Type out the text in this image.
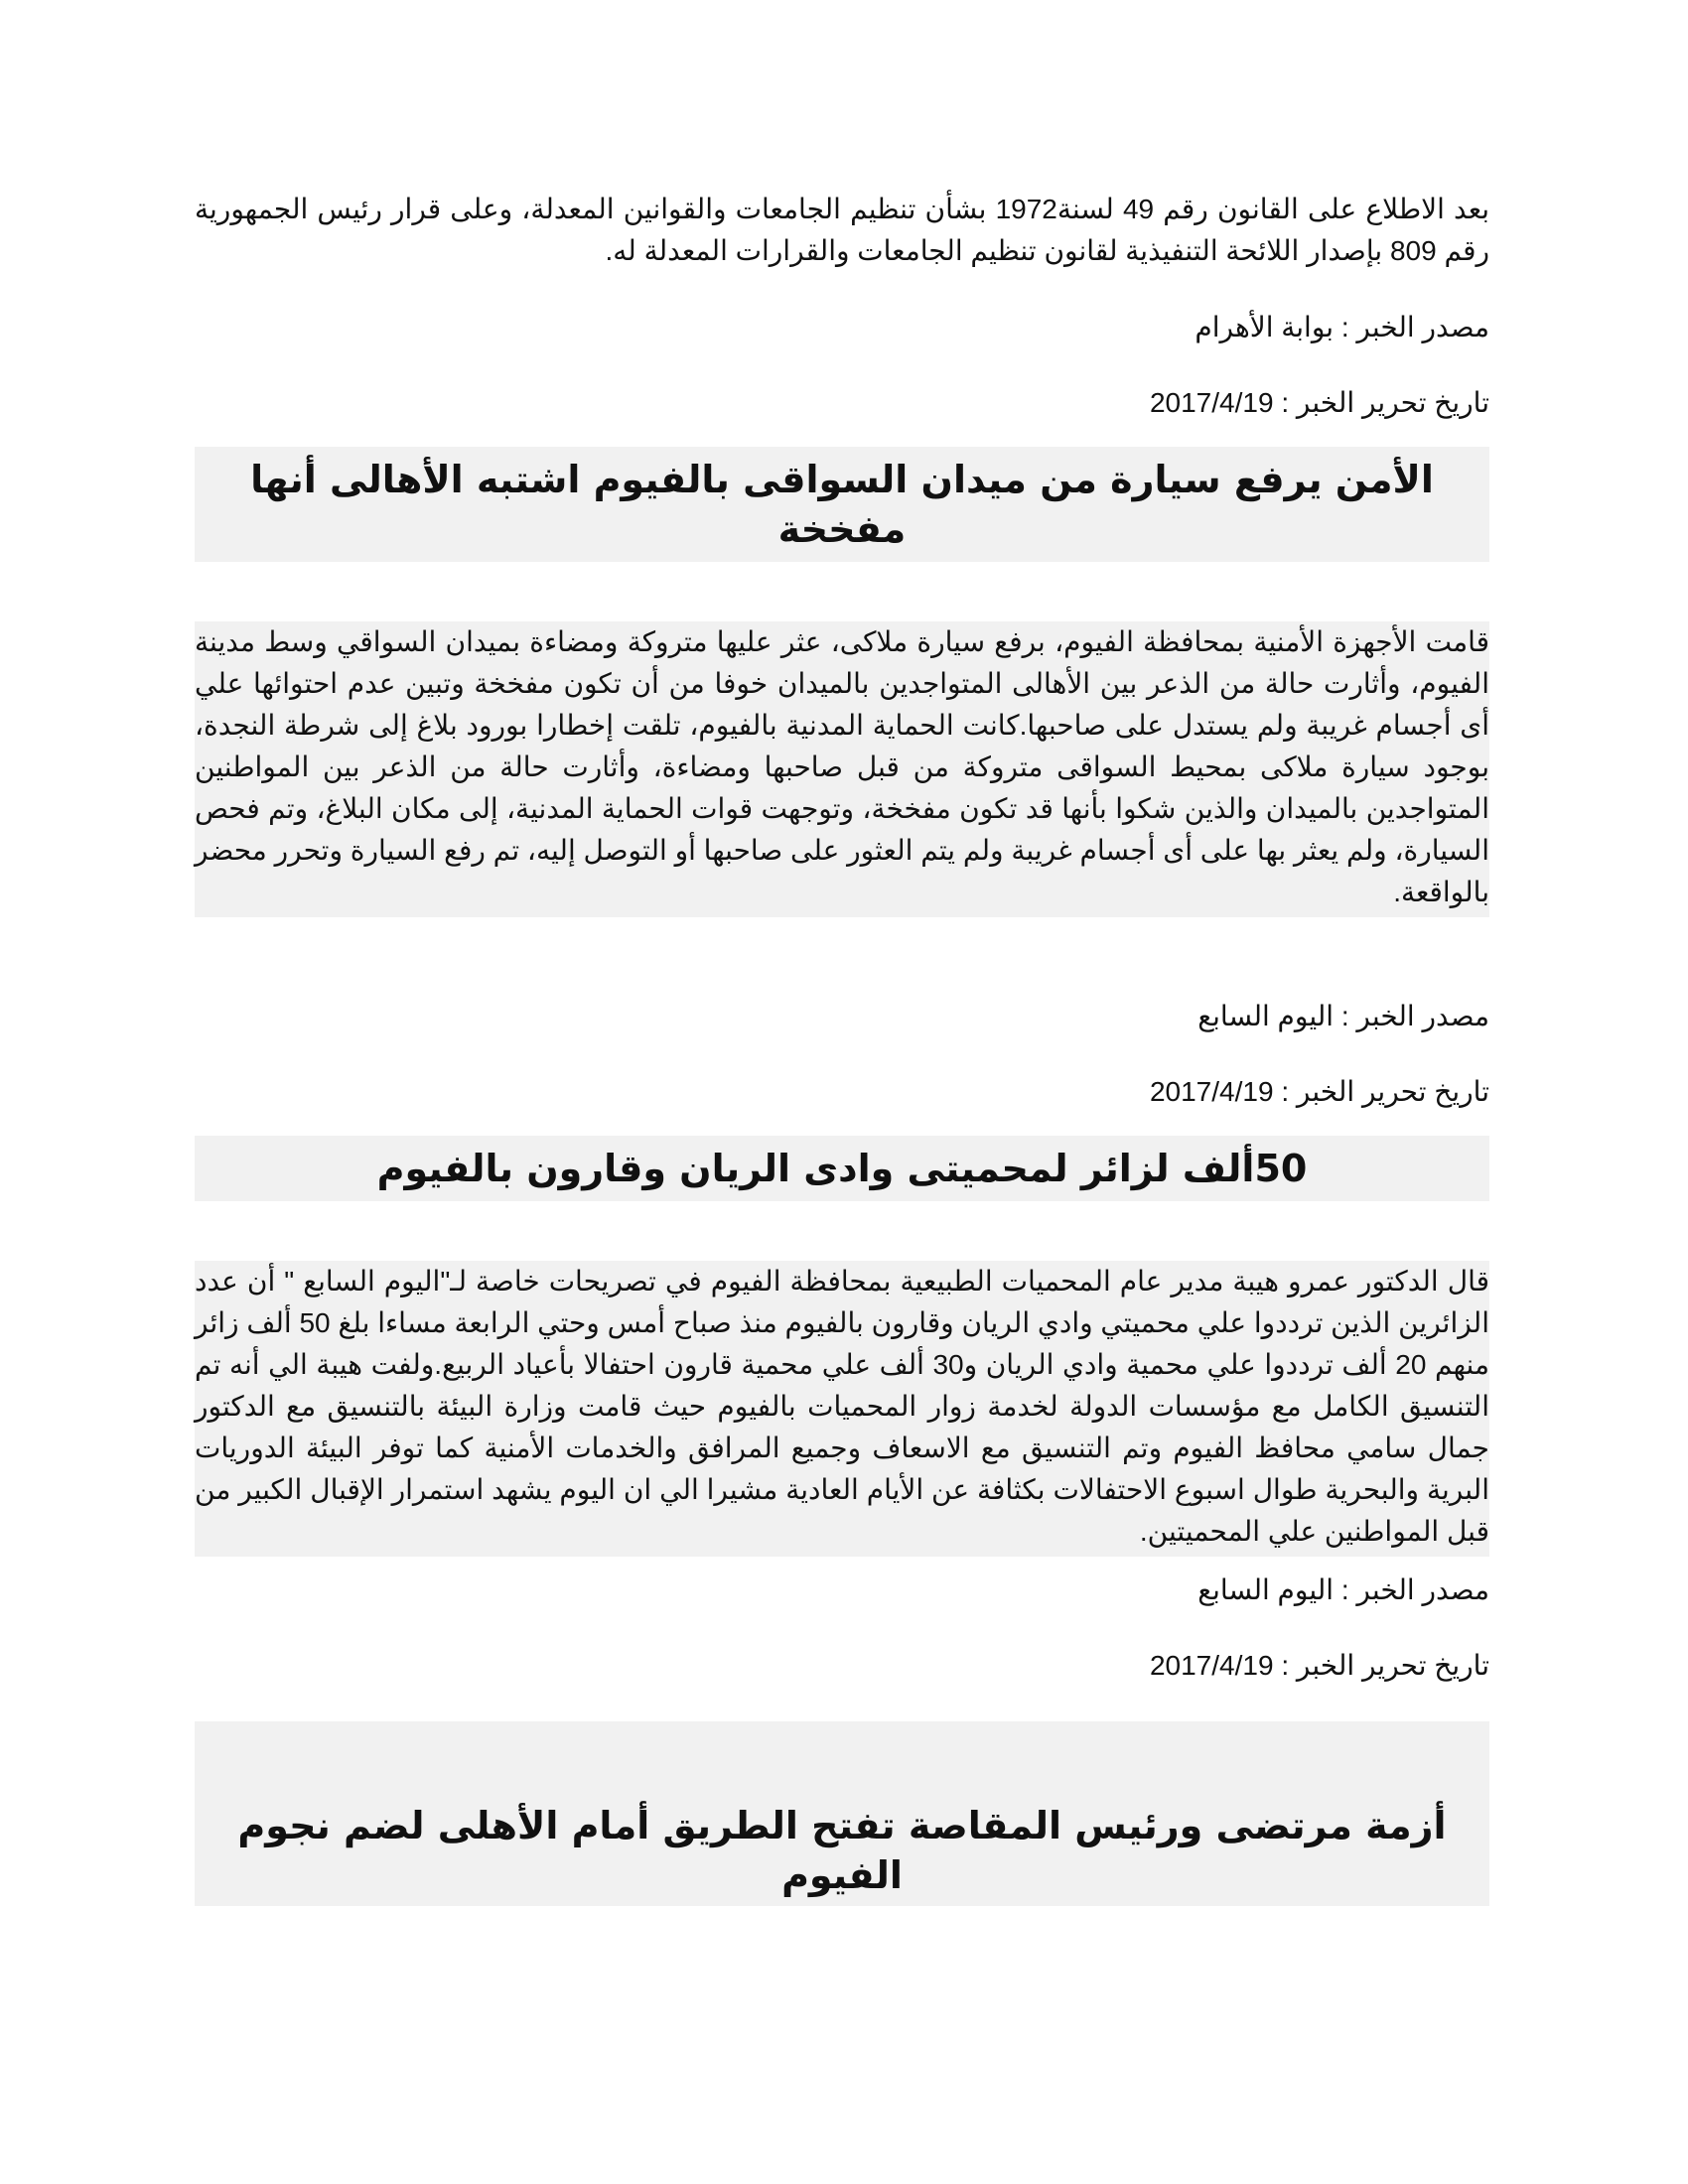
بعد الاطلاع على القانون رقم 49 لسنة1972 بشأن تنظيم الجامعات والقوانين المعدلة، وعلى قرار رئيس الجمهورية رقم 809 بإصدار اللائحة التنفيذية لقانون تنظيم الجامعات والقرارات المعدلة له.

مصدر الخبر : بوابة الأهرام

تاريخ تحرير الخبر : 2017/4/19

الأمن يرفع سيارة من ميدان السواقى بالفيوم اشتبه الأهالى أنها مفخخة

قامت الأجهزة الأمنية بمحافظة الفيوم، برفع سيارة ملاكى، عثر عليها متروكة ومضاءة بميدان السواقي وسط مدينة الفيوم، وأثارت حالة من الذعر بين الأهالى المتواجدين بالميدان خوفا من أن تكون مفخخة وتبين عدم احتوائها علي أى أجسام غريبة ولم يستدل على صاحبها.كانت الحماية المدنية بالفيوم، تلقت إخطارا بورود بلاغ إلى شرطة النجدة، بوجود سيارة ملاكى بمحيط السواقى متروكة من قبل صاحبها ومضاءة، وأثارت حالة من الذعر بين المواطنين المتواجدين بالميدان والذين شكوا بأنها قد تكون مفخخة، وتوجهت قوات الحماية المدنية، إلى مكان البلاغ، وتم فحص السيارة، ولم يعثر بها على أى أجسام غريبة ولم يتم العثور على صاحبها أو التوصل إليه، تم رفع السيارة وتحرر محضر بالواقعة.

مصدر الخبر : اليوم السابع

تاريخ تحرير الخبر : 2017/4/19

50ألف لزائر لمحميتى وادى الريان وقارون بالفيوم

قال الدكتور عمرو هيبة مدير عام المحميات الطبيعية بمحافظة الفيوم في تصريحات خاصة لـ"اليوم السابع " أن عدد الزائرين الذين ترددوا علي محميتي وادي الريان وقارون بالفيوم منذ صباح أمس وحتي الرابعة مساءا بلغ 50 ألف زائر منهم 20 ألف ترددوا علي محمية وادي الريان و30 ألف علي محمية قارون احتفالا بأعياد الربيع.ولفت هيبة الي أنه تم التنسيق الكامل مع مؤسسات الدولة لخدمة زوار المحميات بالفيوم حيث قامت وزارة البيئة بالتنسيق مع الدكتور جمال سامي محافظ الفيوم وتم التنسيق مع الاسعاف وجميع المرافق والخدمات الأمنية كما توفر البيئة الدوريات البرية والبحرية طوال اسبوع الاحتفالات بكثافة عن الأيام العادية مشيرا الي ان اليوم يشهد استمرار الإقبال الكبير من قبل المواطنين علي المحميتين.

مصدر الخبر : اليوم السابع

تاريخ تحرير الخبر : 2017/4/19

أزمة مرتضى ورئيس المقاصة تفتح الطريق أمام الأهلى لضم نجوم الفيوم
